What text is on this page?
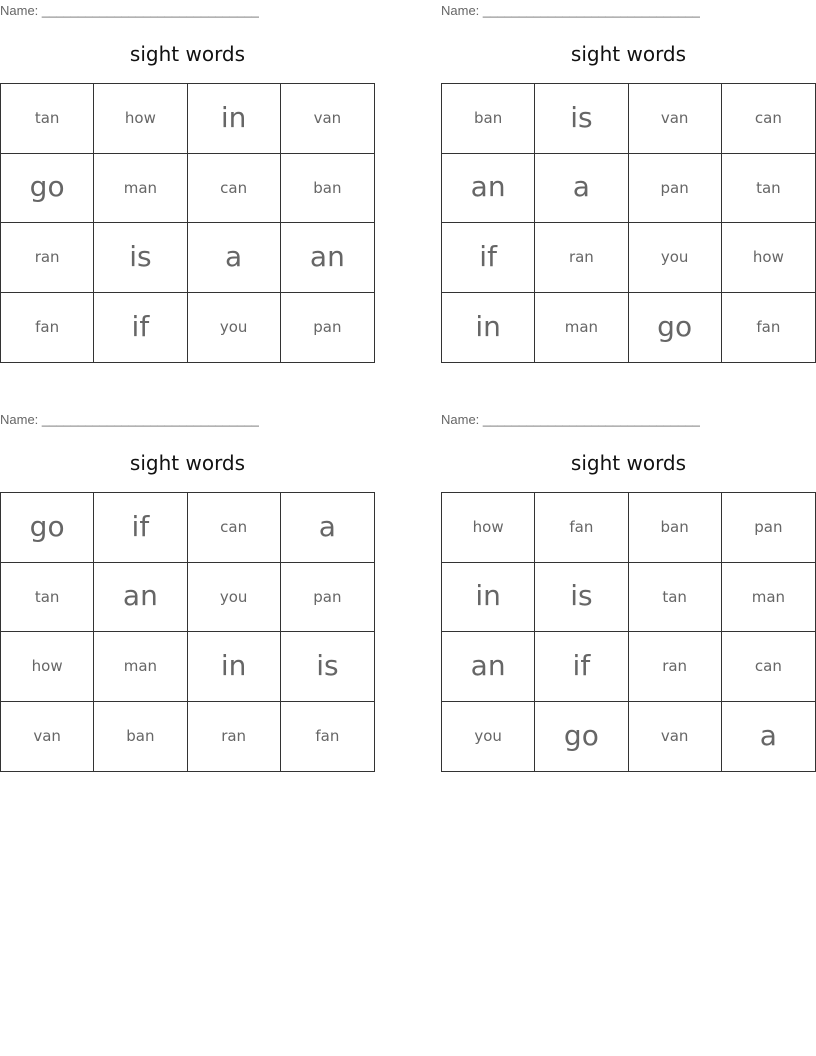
Name: ______________________________
sight words
tan	how	in	van
go	man	can	ban
ran	is	a	an
fan	if	you	pan
Name: ______________________________
sight words
ban	is	van	can
an	a	pan	tan
if	ran	you	how
in	man	go	fan
Name: ______________________________
sight words
go	if	can	a
tan	an	you	pan
how	man	in	is
van	ban	ran	fan
Name: ______________________________
sight words
how	fan	ban	pan
in	is	tan	man
an	if	ran	can
you	go	van	a
